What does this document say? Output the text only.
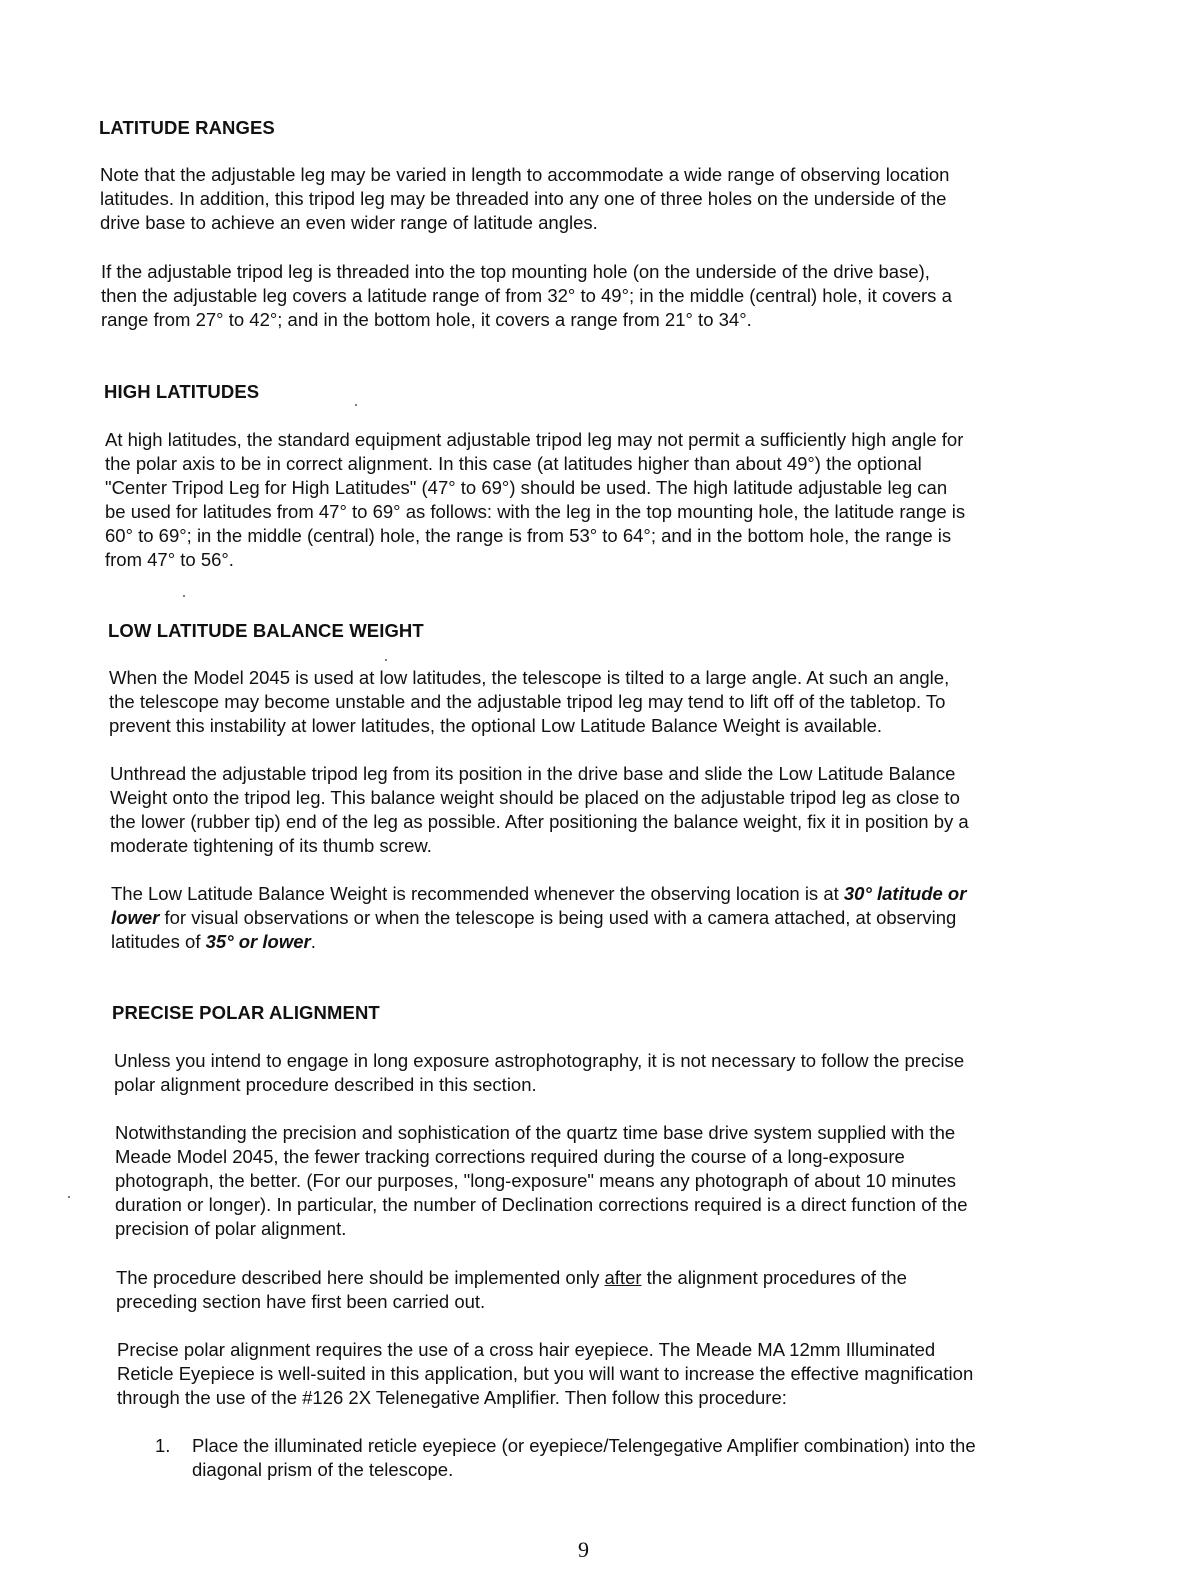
LATITUDE RANGES
Note that the adjustable leg may be varied in length to accommodate a wide range of observing location
latitudes. In addition, this tripod leg may be threaded into any one of three holes on the underside of the
drive base to achieve an even wider range of latitude angles.
If the adjustable tripod leg is threaded into the top mounting hole (on the underside of the drive base),
then the adjustable leg covers a latitude range of from 32° to 49°; in the middle (central) hole, it covers a
range from 27° to 42°; and in the bottom hole, it covers a range from 21° to 34°.
HIGH LATITUDES
At high latitudes, the standard equipment adjustable tripod leg may not permit a sufficiently high angle for
the polar axis to be in correct alignment. In this case (at latitudes higher than about 49°) the optional
"Center Tripod Leg for High Latitudes" (47° to 69°) should be used. The high latitude adjustable leg can
be used for latitudes from 47° to 69° as follows: with the leg in the top mounting hole, the latitude range is
60° to 69°; in the middle (central) hole, the range is from 53° to 64°; and in the bottom hole, the range is
from 47° to 56°.
LOW LATITUDE BALANCE WEIGHT
When the Model 2045 is used at low latitudes, the telescope is tilted to a large angle. At such an angle,
the telescope may become unstable and the adjustable tripod leg may tend to lift off of the tabletop. To
prevent this instability at lower latitudes, the optional Low Latitude Balance Weight is available.
Unthread the adjustable tripod leg from its position in the drive base and slide the Low Latitude Balance
Weight onto the tripod leg. This balance weight should be placed on the adjustable tripod leg as close to
the lower (rubber tip) end of the leg as possible. After positioning the balance weight, fix it in position by a
moderate tightening of its thumb screw.
The Low Latitude Balance Weight is recommended whenever the observing location is at 30° latitude or
lower for visual observations or when the telescope is being used with a camera attached, at observing
latitudes of 35° or lower.
PRECISE POLAR ALIGNMENT
Unless you intend to engage in long exposure astrophotography, it is not necessary to follow the precise
polar alignment procedure described in this section.
Notwithstanding the precision and sophistication of the quartz time base drive system supplied with the
Meade Model 2045, the fewer tracking corrections required during the course of a long-exposure
photograph, the better. (For our purposes, "long-exposure" means any photograph of about 10 minutes
duration or longer). In particular, the number of Declination corrections required is a direct function of the
precision of polar alignment.
The procedure described here should be implemented only after the alignment procedures of the
preceding section have first been carried out.
Precise polar alignment requires the use of a cross hair eyepiece. The Meade MA 12mm Illuminated
Reticle Eyepiece is well-suited in this application, but you will want to increase the effective magnification
through the use of the #126 2X Telenegative Amplifier. Then follow this procedure:
1. Place the illuminated reticle eyepiece (or eyepiece/Telengegative Amplifier combination) into the
diagonal prism of the telescope.
9
